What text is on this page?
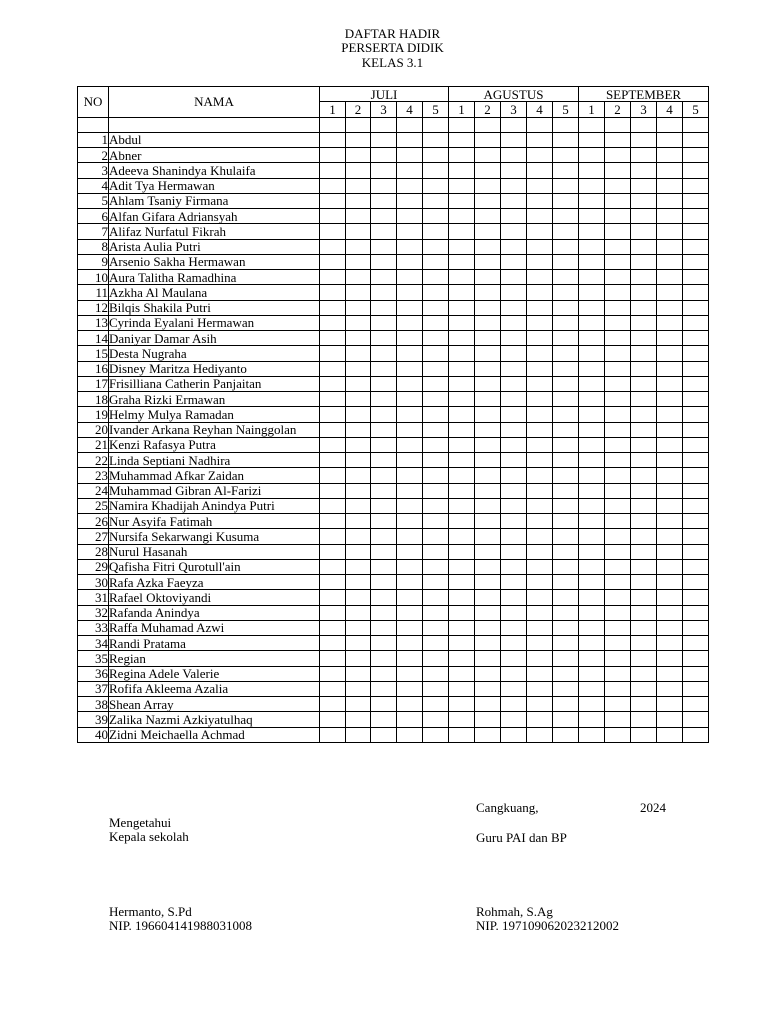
DAFTAR HADIR
PERSERTA DIDIK
KELAS 3.1
NO	NAMA	JULI					AGUSTUS					SEPTEMBER				
		1	2	3	4	5	1	2	3	4	5	1	2	3	4	5

1	Abdul															
2	Abner															
3	Adeeva Shanindya Khulaifa															
4	Adit Tya Hermawan															
5	Ahlam Tsaniy Firmana															
6	Alfan Gifara Adriansyah															
7	Alifaz Nurfatul Fikrah															
8	Arista Aulia Putri															
9	Arsenio Sakha Hermawan															
10	Aura Talitha Ramadhina															
11	Azkha Al Maulana															
12	Bilqis Shakila Putri															
13	Cyrinda Eyalani Hermawan															
14	Daniyar Damar Asih															
15	Desta Nugraha															
16	Disney Maritza Hediyanto															
17	Frisilliana Catherin Panjaitan															
18	Graha Rizki Ermawan															
19	Helmy Mulya Ramadan															
20	Ivander Arkana Reyhan Nainggolan															
21	Kenzi Rafasya Putra															
22	Linda Septiani Nadhira															
23	Muhammad Afkar Zaidan															
24	Muhammad Gibran Al-Farizi															
25	Namira Khadijah Anindya Putri															
26	Nur Asyifa Fatimah															
27	Nursifa Sekarwangi Kusuma															
28	Nurul Hasanah															
29	Qafisha Fitri Qurotull'ain															
30	Rafa Azka Faeyza															
31	Rafael Oktoviyandi															
32	Rafanda Anindya															
33	Raffa Muhamad Azwi															
34	Randi Pratama															
35	Regian															
36	Regina Adele Valerie															
37	Rofifa Akleema Azalia															
38	Shean Array															
39	Zalika Nazmi Azkiyatulhaq															
40	Zidni Meichaella Achmad															
Cangkuang,	2024
Mengetahui
Kepala sekolah	Guru PAI dan BP
Hermanto, S.Pd
NIP. 196604141988031008
Rohmah, S.Ag
NIP. 197109062023212002
